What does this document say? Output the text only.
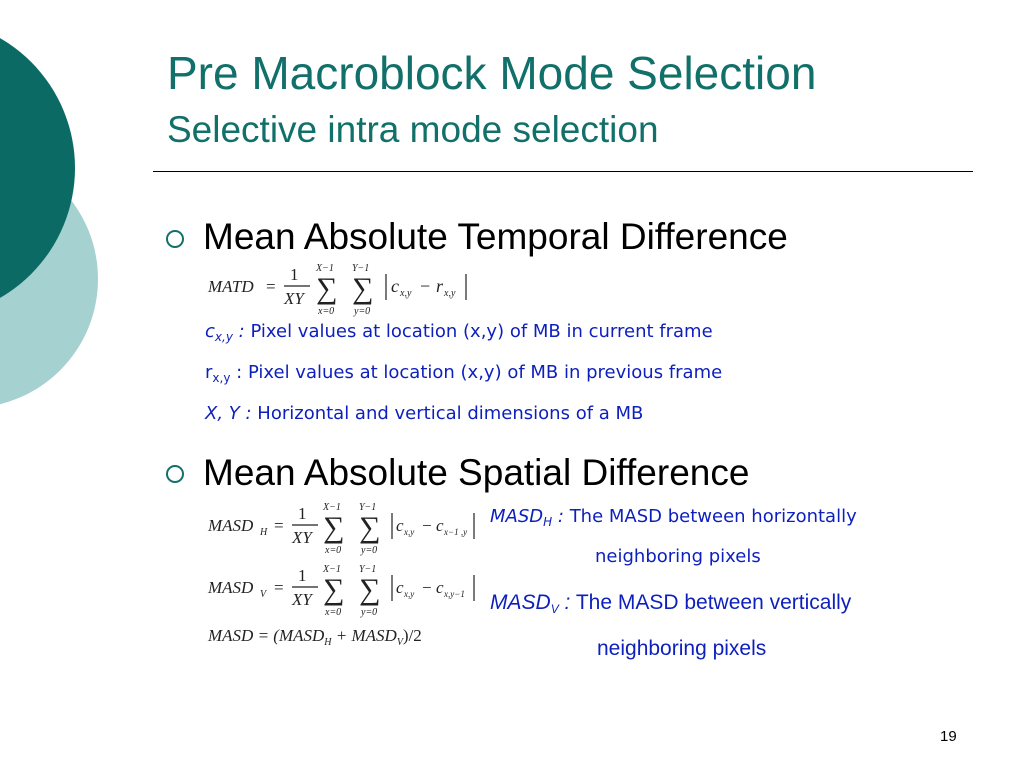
Pre Macroblock Mode Selection
Selective intra mode selection
Mean Absolute Temporal Difference
MATD =
1
XY
X−1
∑
x=0
Y−1
∑
y=0
c x,y − r x,y
$c_{x,y}$ : Pixel values at location (x,y) of MB in current frame
$r_{x,y}$ : Pixel values at location (x,y) of MB in previous frame
X, Y : Horizontal and vertical dimensions of a MB
Mean Absolute Spatial Difference
MASD H =
1
XY
X−1
∑
x=0
Y−1
∑
y=0
c x,y − c x−1 ,y
MASD V =
1
XY
X−1
∑
x=0
Y−1
∑
y=0
c x,y − c x,y−1
MASD = ($MASD_H$ + $MASD_V)/2$
$MASD_H$ : The MASD between horizontally
neighboring pixels
$MASD_V$ : The MASD between vertically
neighboring pixels
19
